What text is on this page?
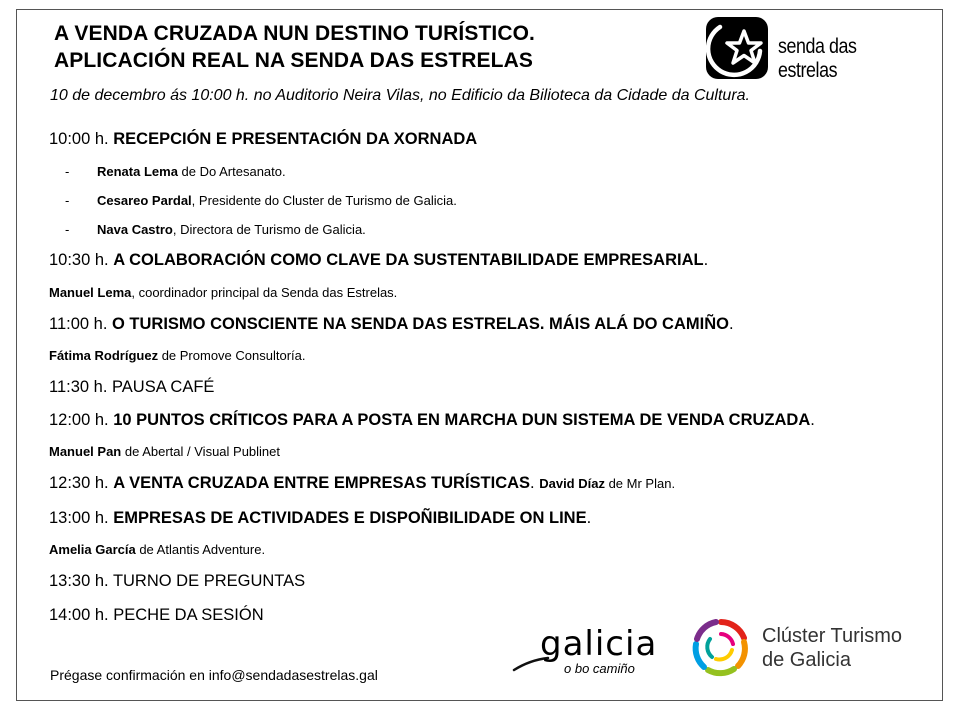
A VENDA CRUZADA NUN DESTINO TURÍSTICO.
APLICACIÓN REAL NA SENDA DAS ESTRELAS
senda das estrelas
10 de decembro ás 10:00 h. no Auditorio Neira Vilas, no Edificio da Bilioteca da Cidade da Cultura.
10:00 h. RECEPCIÓN E PRESENTACIÓN DA XORNADA
- Renata Lema de Do Artesanato.
- Cesareo Pardal, Presidente do Cluster de Turismo de Galicia.
- Nava Castro, Directora de Turismo de Galicia.
10:30 h. A COLABORACIÓN COMO CLAVE DA SUSTENTABILIDADE EMPRESARIAL.
Manuel Lema, coordinador principal da Senda das Estrelas.
11:00 h. O TURISMO CONSCIENTE NA SENDA DAS ESTRELAS. MÁIS ALÁ DO CAMIÑO.
Fátima Rodríguez de Promove Consultoría.
11:30 h. PAUSA CAFÉ
12:00 h. 10 PUNTOS CRÍTICOS PARA A POSTA EN MARCHA DUN SISTEMA DE VENDA CRUZADA.
Manuel Pan de Abertal / Visual Publinet
12:30 h. A VENTA CRUZADA ENTRE EMPRESAS TURÍSTICAS. David Díaz de Mr Plan.
13:00 h. EMPRESAS DE ACTIVIDADES E DISPOÑIBILIDADE ON LINE.
Amelia García de Atlantis Adventure.
13:30 h. TURNO DE PREGUNTAS
14:00 h. PECHE DA SESIÓN
Prégase confirmación en info@sendadasestrelas.gal
galicia
o bo camiño
Clúster Turismo
de Galicia
